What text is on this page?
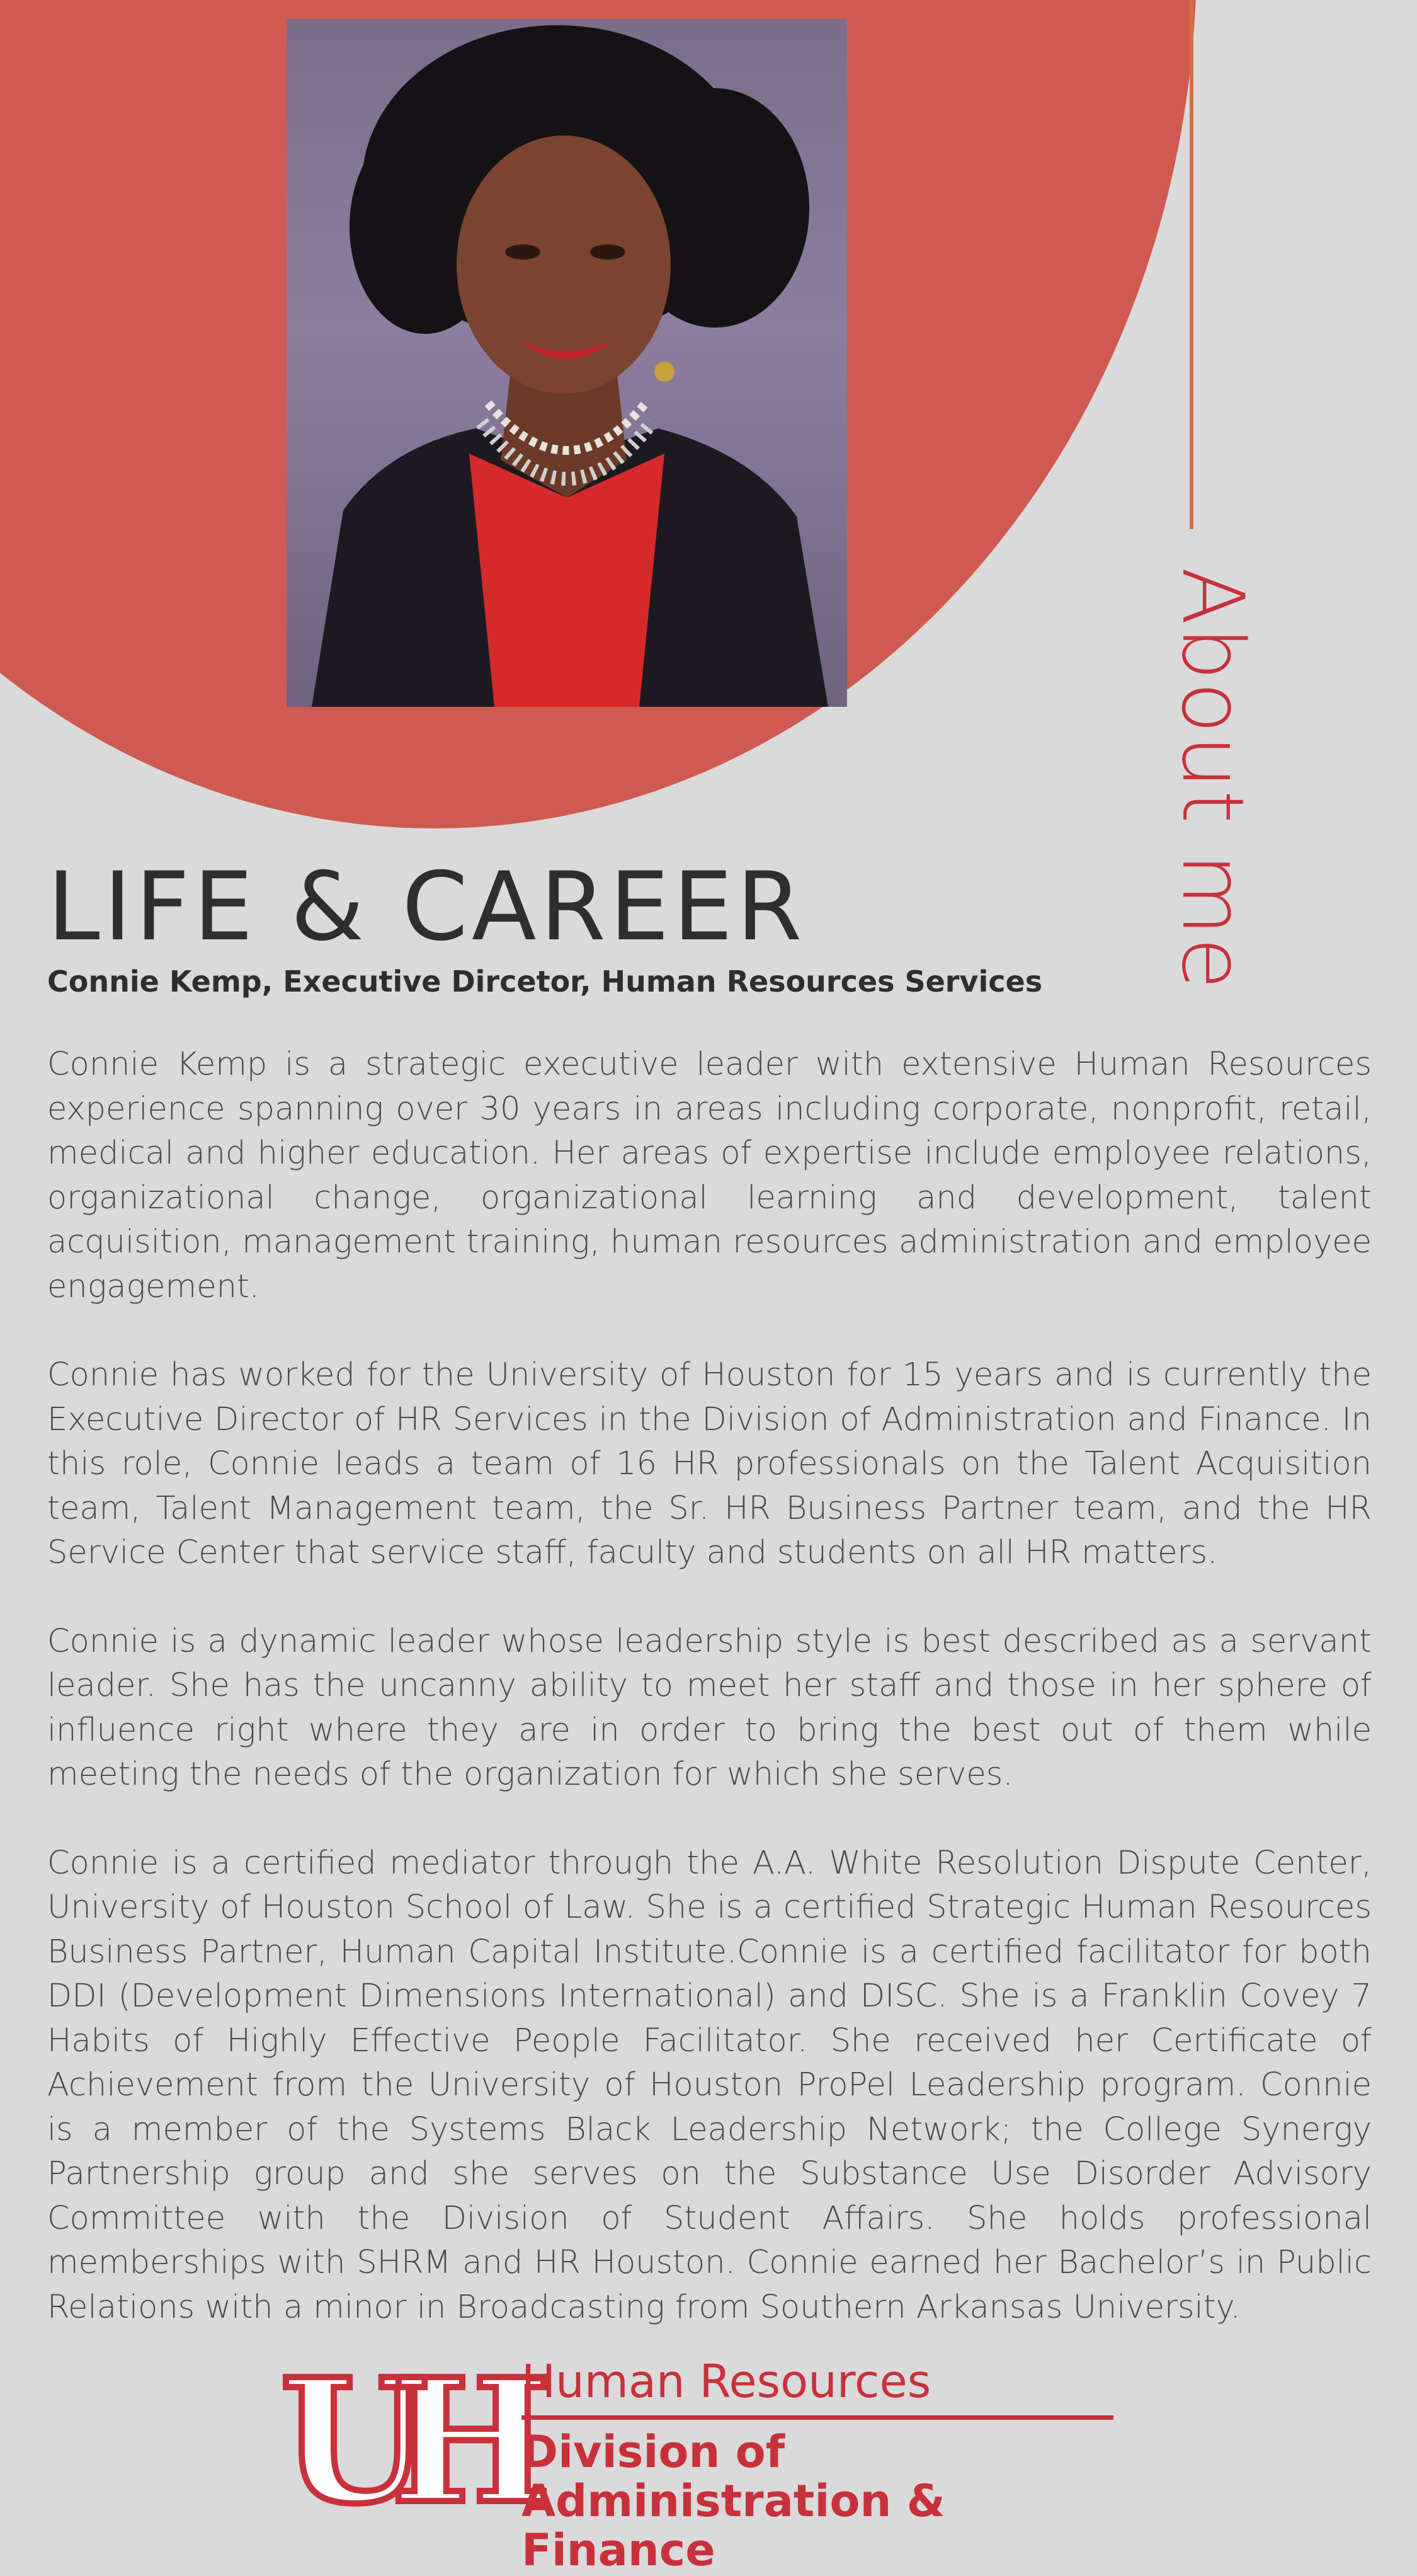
About me
LIFE & CAREER
Connie Kemp, Executive Dircetor, Human Resources Services

Connie Kemp is a strategic executive leader with extensive Human Resources experience spanning over 30 years in areas including corporate, nonprofit, retail, medical and higher education. Her areas of expertise include employee relations, organizational change, organizational learning and development, talent acquisition, management training, human resources administration and employee engagement.

Connie has worked for the University of Houston for 15 years and is currently the Executive Director of HR Services in the Division of Administration and Finance. In this role, Connie leads a team of 16 HR professionals on the Talent Acquisition team, Talent Management team, the Sr. HR Business Partner team, and the HR Service Center that service staff, faculty and students on all HR matters.

Connie is a dynamic leader whose leadership style is best described as a servant leader. She has the uncanny ability to meet her staff and those in her sphere of influence right where they are in order to bring the best out of them while meeting the needs of the organization for which she serves.

Connie is a certified mediator through the A.A. White Resolution Dispute Center, University of Houston School of Law. She is a certified Strategic Human Resources Business Partner, Human Capital Institute.Connie is a certified facilitator for both DDI (Development Dimensions International) and DISC. She is a Franklin Covey 7 Habits of Highly Effective People Facilitator. She received her Certificate of Achievement from the University of Houston ProPel Leadership program. Connie is a member of the Systems Black Leadership Network; the College Synergy Partnership group and she serves on the Substance Use Disorder Advisory Committee with the Division of Student Affairs. She holds professional memberships with SHRM and HR Houston. Connie earned her Bachelor’s in Public Relations with a minor in Broadcasting from Southern Arkansas University.

UH Human Resources
Division of Administration & Finance
